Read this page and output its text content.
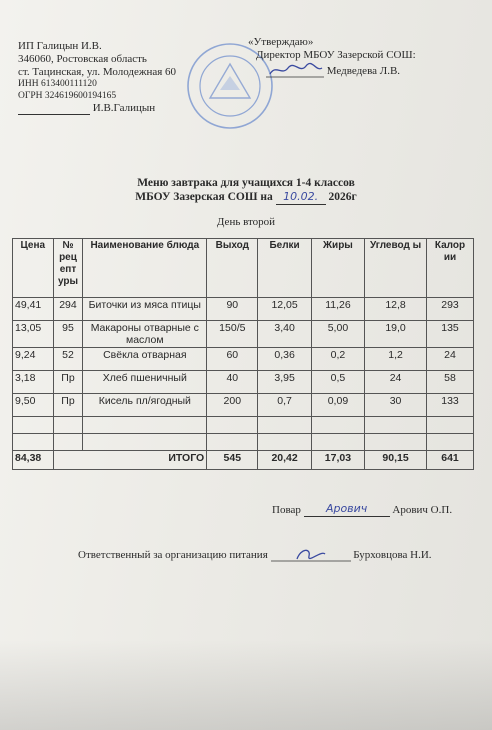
ИП Галицын И.В.
346060, Ростовская область
ст. Тацинская, ул. Молодежная 60
ИНН 613400111120
ОГРН 324619600194165
И.В.Галицын
«Утверждаю»
Директор МБОУ Зазерской СОШ:
Медведева Л.В.
Меню завтрака для учащихся 1-4 классов
МБОУ Зазерская СОШ на 10.02. 2026г
День второй
Цена	№ рец епт уры	Наименование блюда	Выход	Белки	Жиры	Углевод ы	Калор ии
49,41	294	Биточки из мяса птицы	90	12,05	11,26	12,8	293
13,05	95	Макароны отварные с маслом	150/5	3,40	5,00	19,0	135
9,24	52	Свёкла отварная	60	0,36	0,2	1,2	24
3,18	Пр	Хлеб пшеничный	40	3,95	0,5	24	58
9,50	Пр	Кисель пл/ягодный	200	0,7	0,09	30	133

84,38	ИТОГО		545	20,42	17,03	90,15	641
Повар Арович Арович О.П.
Ответственный за организацию питания	Бурховцова Н.И.
